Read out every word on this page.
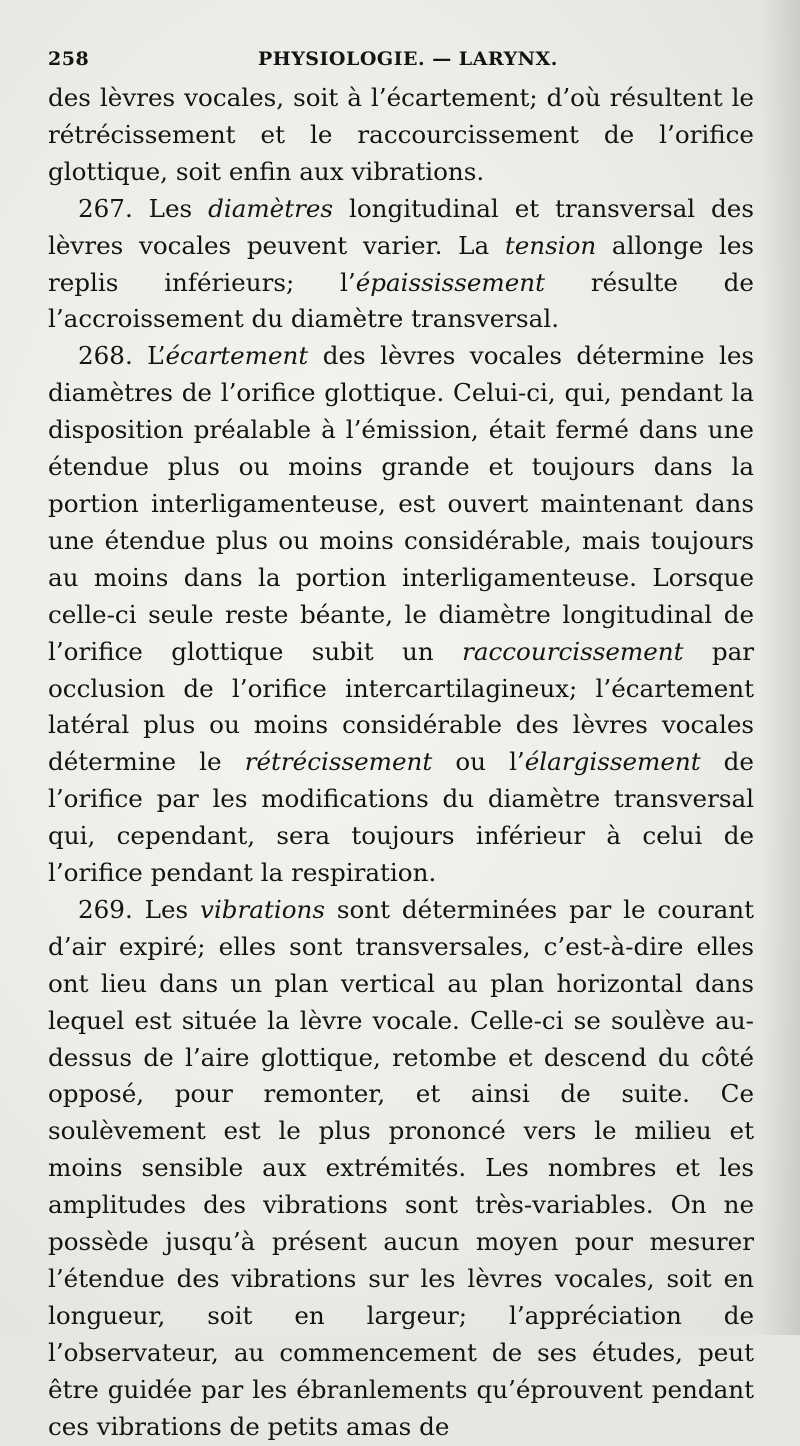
258	PHYSIOLOGIE. — LARYNX.

des lèvres vocales, soit à l’écartement; d’où résultent le rétrécissement et le raccourcissement de l’orifice glottique, soit enfin aux vibrations.

267. Les diamètres longitudinal et transversal des lèvres vocales peuvent varier. La tension allonge les replis inférieurs; l’épaississement résulte de l’accroissement du diamètre transversal.

268. L’écartement des lèvres vocales détermine les diamètres de l’orifice glottique. Celui-ci, qui, pendant la disposition préalable à l’émission, était fermé dans une étendue plus ou moins grande et toujours dans la portion interligamenteuse, est ouvert maintenant dans une étendue plus ou moins considérable, mais toujours au moins dans la portion interligamenteuse. Lorsque celle-ci seule reste béante, le diamètre longitudinal de l’orifice glottique subit un raccourcissement par occlusion de l’orifice intercartilagineux; l’écartement latéral plus ou moins considérable des lèvres vocales détermine le rétrécissement ou l’élargissement de l’orifice par les modifications du diamètre transversal qui, cependant, sera toujours inférieur à celui de l’orifice pendant la respiration.

269. Les vibrations sont déterminées par le courant d’air expiré; elles sont transversales, c’est-à-dire elles ont lieu dans un plan vertical au plan horizontal dans lequel est située la lèvre vocale. Celle-ci se soulève au-dessus de l’aire glottique, retombe et descend du côté opposé, pour remonter, et ainsi de suite. Ce soulèvement est le plus prononcé vers le milieu et moins sensible aux extrémités. Les nombres et les amplitudes des vibrations sont très-variables. On ne possède jusqu’à présent aucun moyen pour mesurer l’étendue des vibrations sur les lèvres vocales, soit en longueur, soit en largeur; l’appréciation de l’observateur, au commencement de ses études, peut être guidée par les ébranlements qu’éprouvent pendant ces vibrations de petits amas de
